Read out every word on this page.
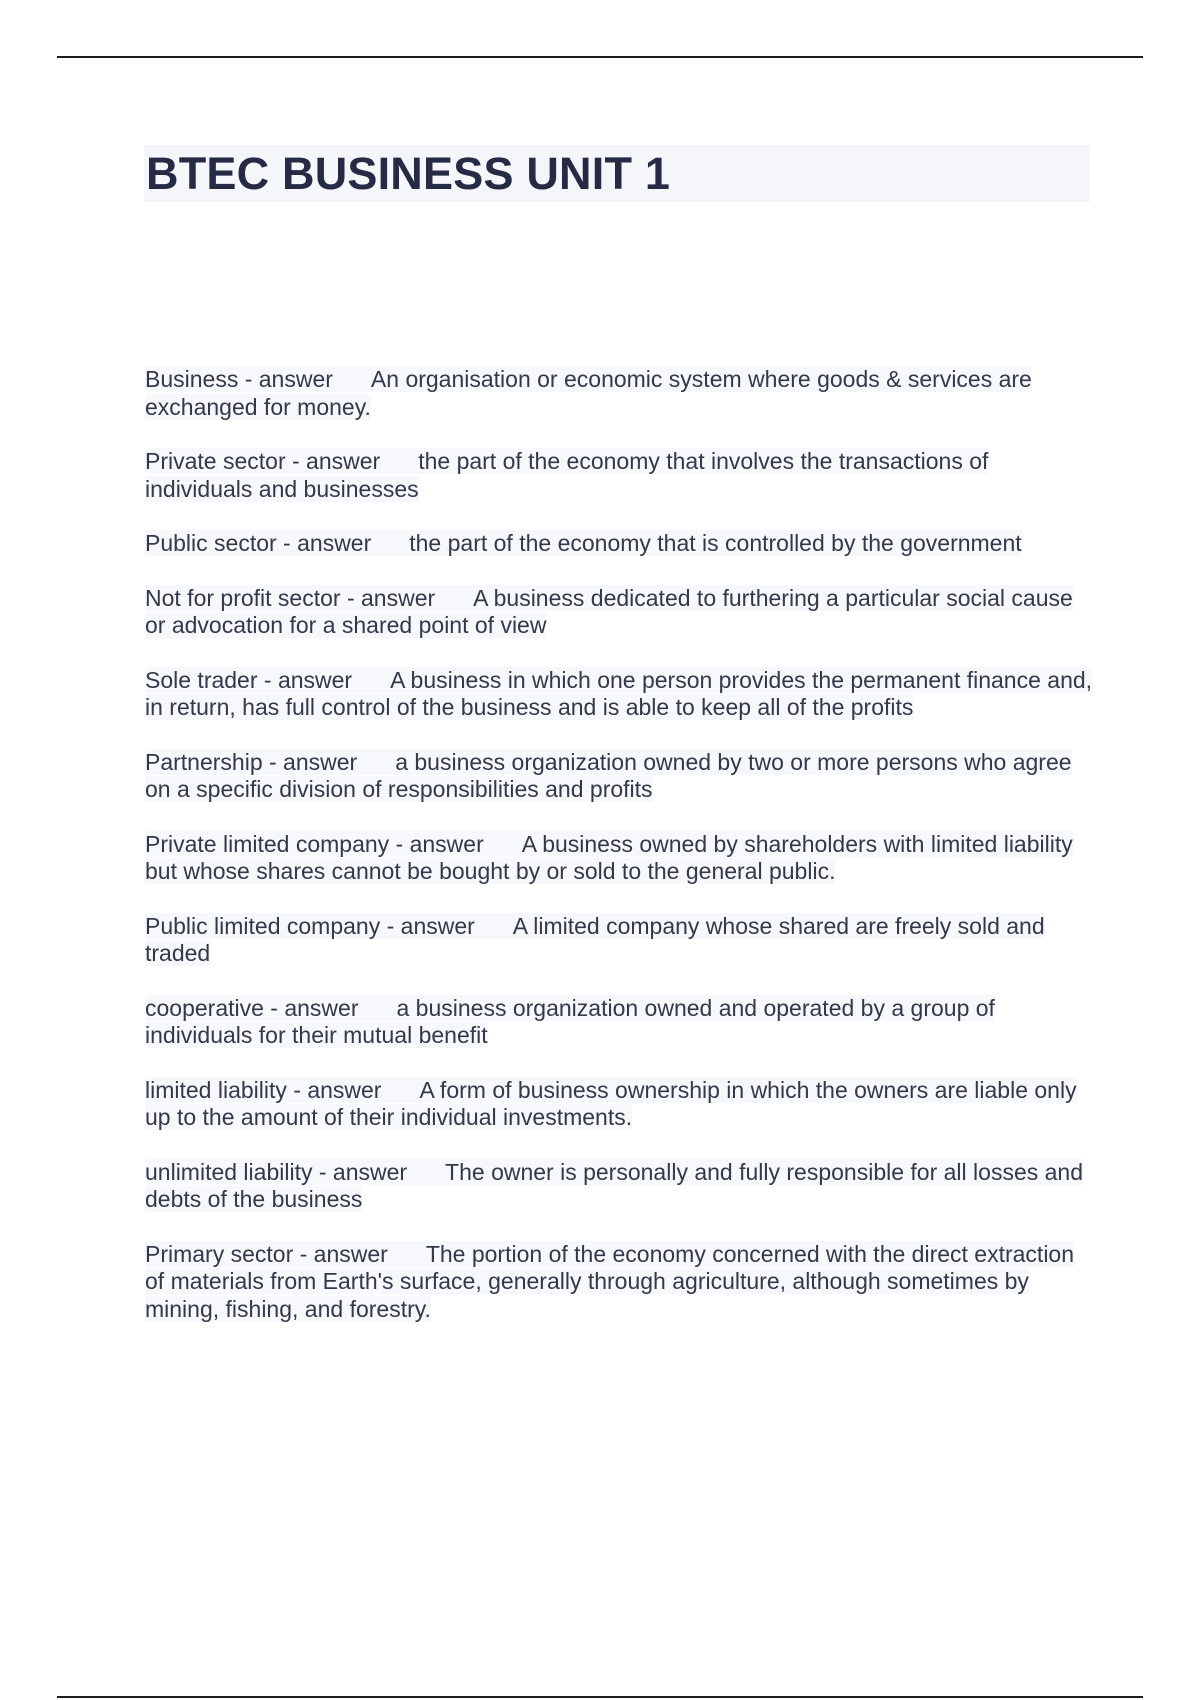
BTEC BUSINESS UNIT 1

Business - answer An organisation or economic system where goods & services are exchanged for money.

Private sector - answer the part of the economy that involves the transactions of individuals and businesses

Public sector - answer the part of the economy that is controlled by the government

Not for profit sector - answer A business dedicated to furthering a particular social cause or advocation for a shared point of view

Sole trader - answer A business in which one person provides the permanent finance and, in return, has full control of the business and is able to keep all of the profits

Partnership - answer a business organization owned by two or more persons who agree on a specific division of responsibilities and profits

Private limited company - answer A business owned by shareholders with limited liability but whose shares cannot be bought by or sold to the general public.

Public limited company - answer A limited company whose shared are freely sold and traded

cooperative - answer a business organization owned and operated by a group of individuals for their mutual benefit

limited liability - answer A form of business ownership in which the owners are liable only up to the amount of their individual investments.

unlimited liability - answer The owner is personally and fully responsible for all losses and debts of the business

Primary sector - answer The portion of the economy concerned with the direct extraction of materials from Earth's surface, generally through agriculture, although sometimes by mining, fishing, and forestry.
